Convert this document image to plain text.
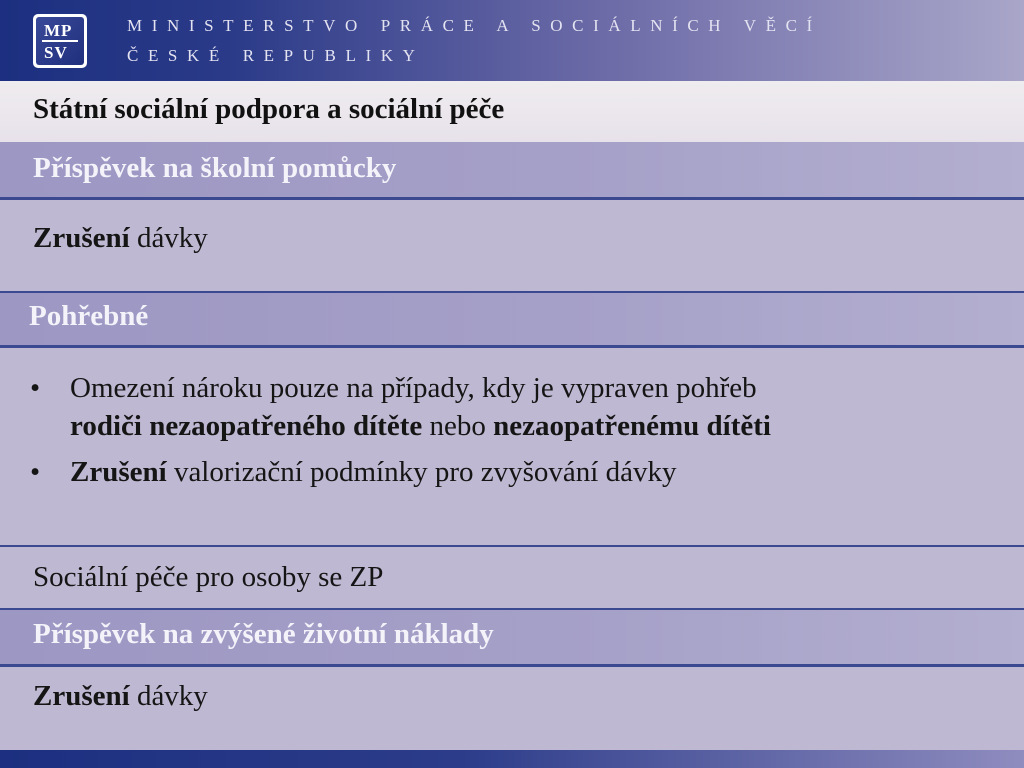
MP
SV
MINISTERSTVO PRÁCE A SOCIÁLNÍCH VĚCÍ
ČESKÉ REPUBLIKY
Státní sociální podpora a sociální péče
Příspěvek na školní pomůcky
Zrušení dávky
Pohřebné
• Omezení nároku pouze na případy, kdy je vypraven pohřeb
rodiči nezaopatřeného dítěte nebo nezaopatřenému dítěti
• Zrušení valorizační podmínky pro zvyšování dávky
Sociální péče pro osoby se ZP
Příspěvek na zvýšené životní náklady
Zrušení dávky
